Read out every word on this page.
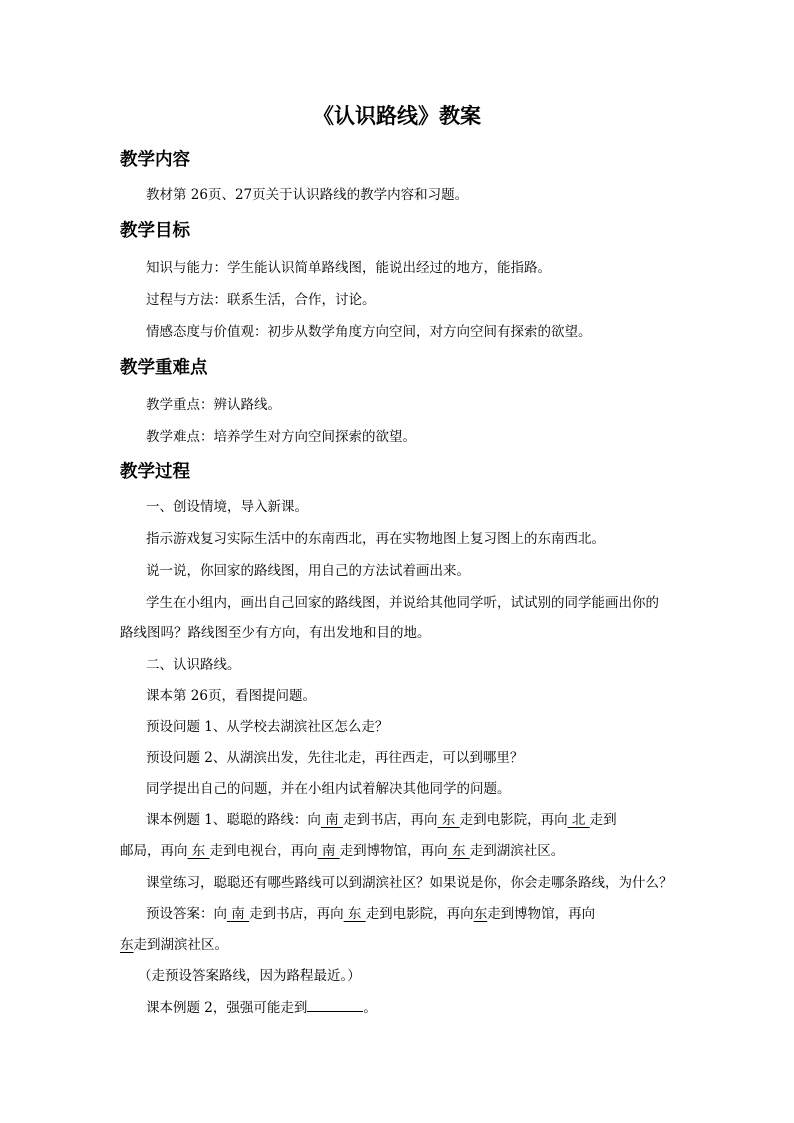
《认识路线》教案
教学内容
教材第 26页、27页关于认识路线的教学内容和习题。
教学目标
知识与能力：学生能认识简单路线图，能说出经过的地方，能指路。
过程与方法：联系生活，合作，讨论。
情感态度与价值观：初步从数学角度方向空间，对方向空间有探索的欲望。
教学重难点
教学重点：辨认路线。
教学难点：培养学生对方向空间探索的欲望。
教学过程
一、创设情境，导入新课。
指示游戏复习实际生活中的东南西北，再在实物地图上复习图上的东南西北。
说一说，你回家的路线图，用自己的方法试着画出来。
学生在小组内，画出自己回家的路线图，并说给其他同学听，试试别的同学能画出你的
路线图吗？路线图至少有方向，有出发地和目的地。
二、认识路线。
课本第 26页，看图提问题。
预设问题 1、从学校去湖滨社区怎么走？
预设问题 2、从湖滨出发，先往北走，再往西走，可以到哪里？
同学提出自己的问题，并在小组内试着解决其他同学的问题。
课本例题 1、聪聪的路线：向 南 走到书店，再向 东 走到电影院，再向 北 走到
邮局，再向 东 走到电视台，再向 南 走到博物馆，再向 东 走到湖滨社区。
课堂练习，聪聪还有哪些路线可以到湖滨社区？如果说是你，你会走哪条路线，为什么？
预设答案：向 南 走到书店，再向 东 走到电影院，再向东走到博物馆，再向
东走到湖滨社区。
（走预设答案路线，因为路程最近。）
课本例题 2，强强可能走到	。
